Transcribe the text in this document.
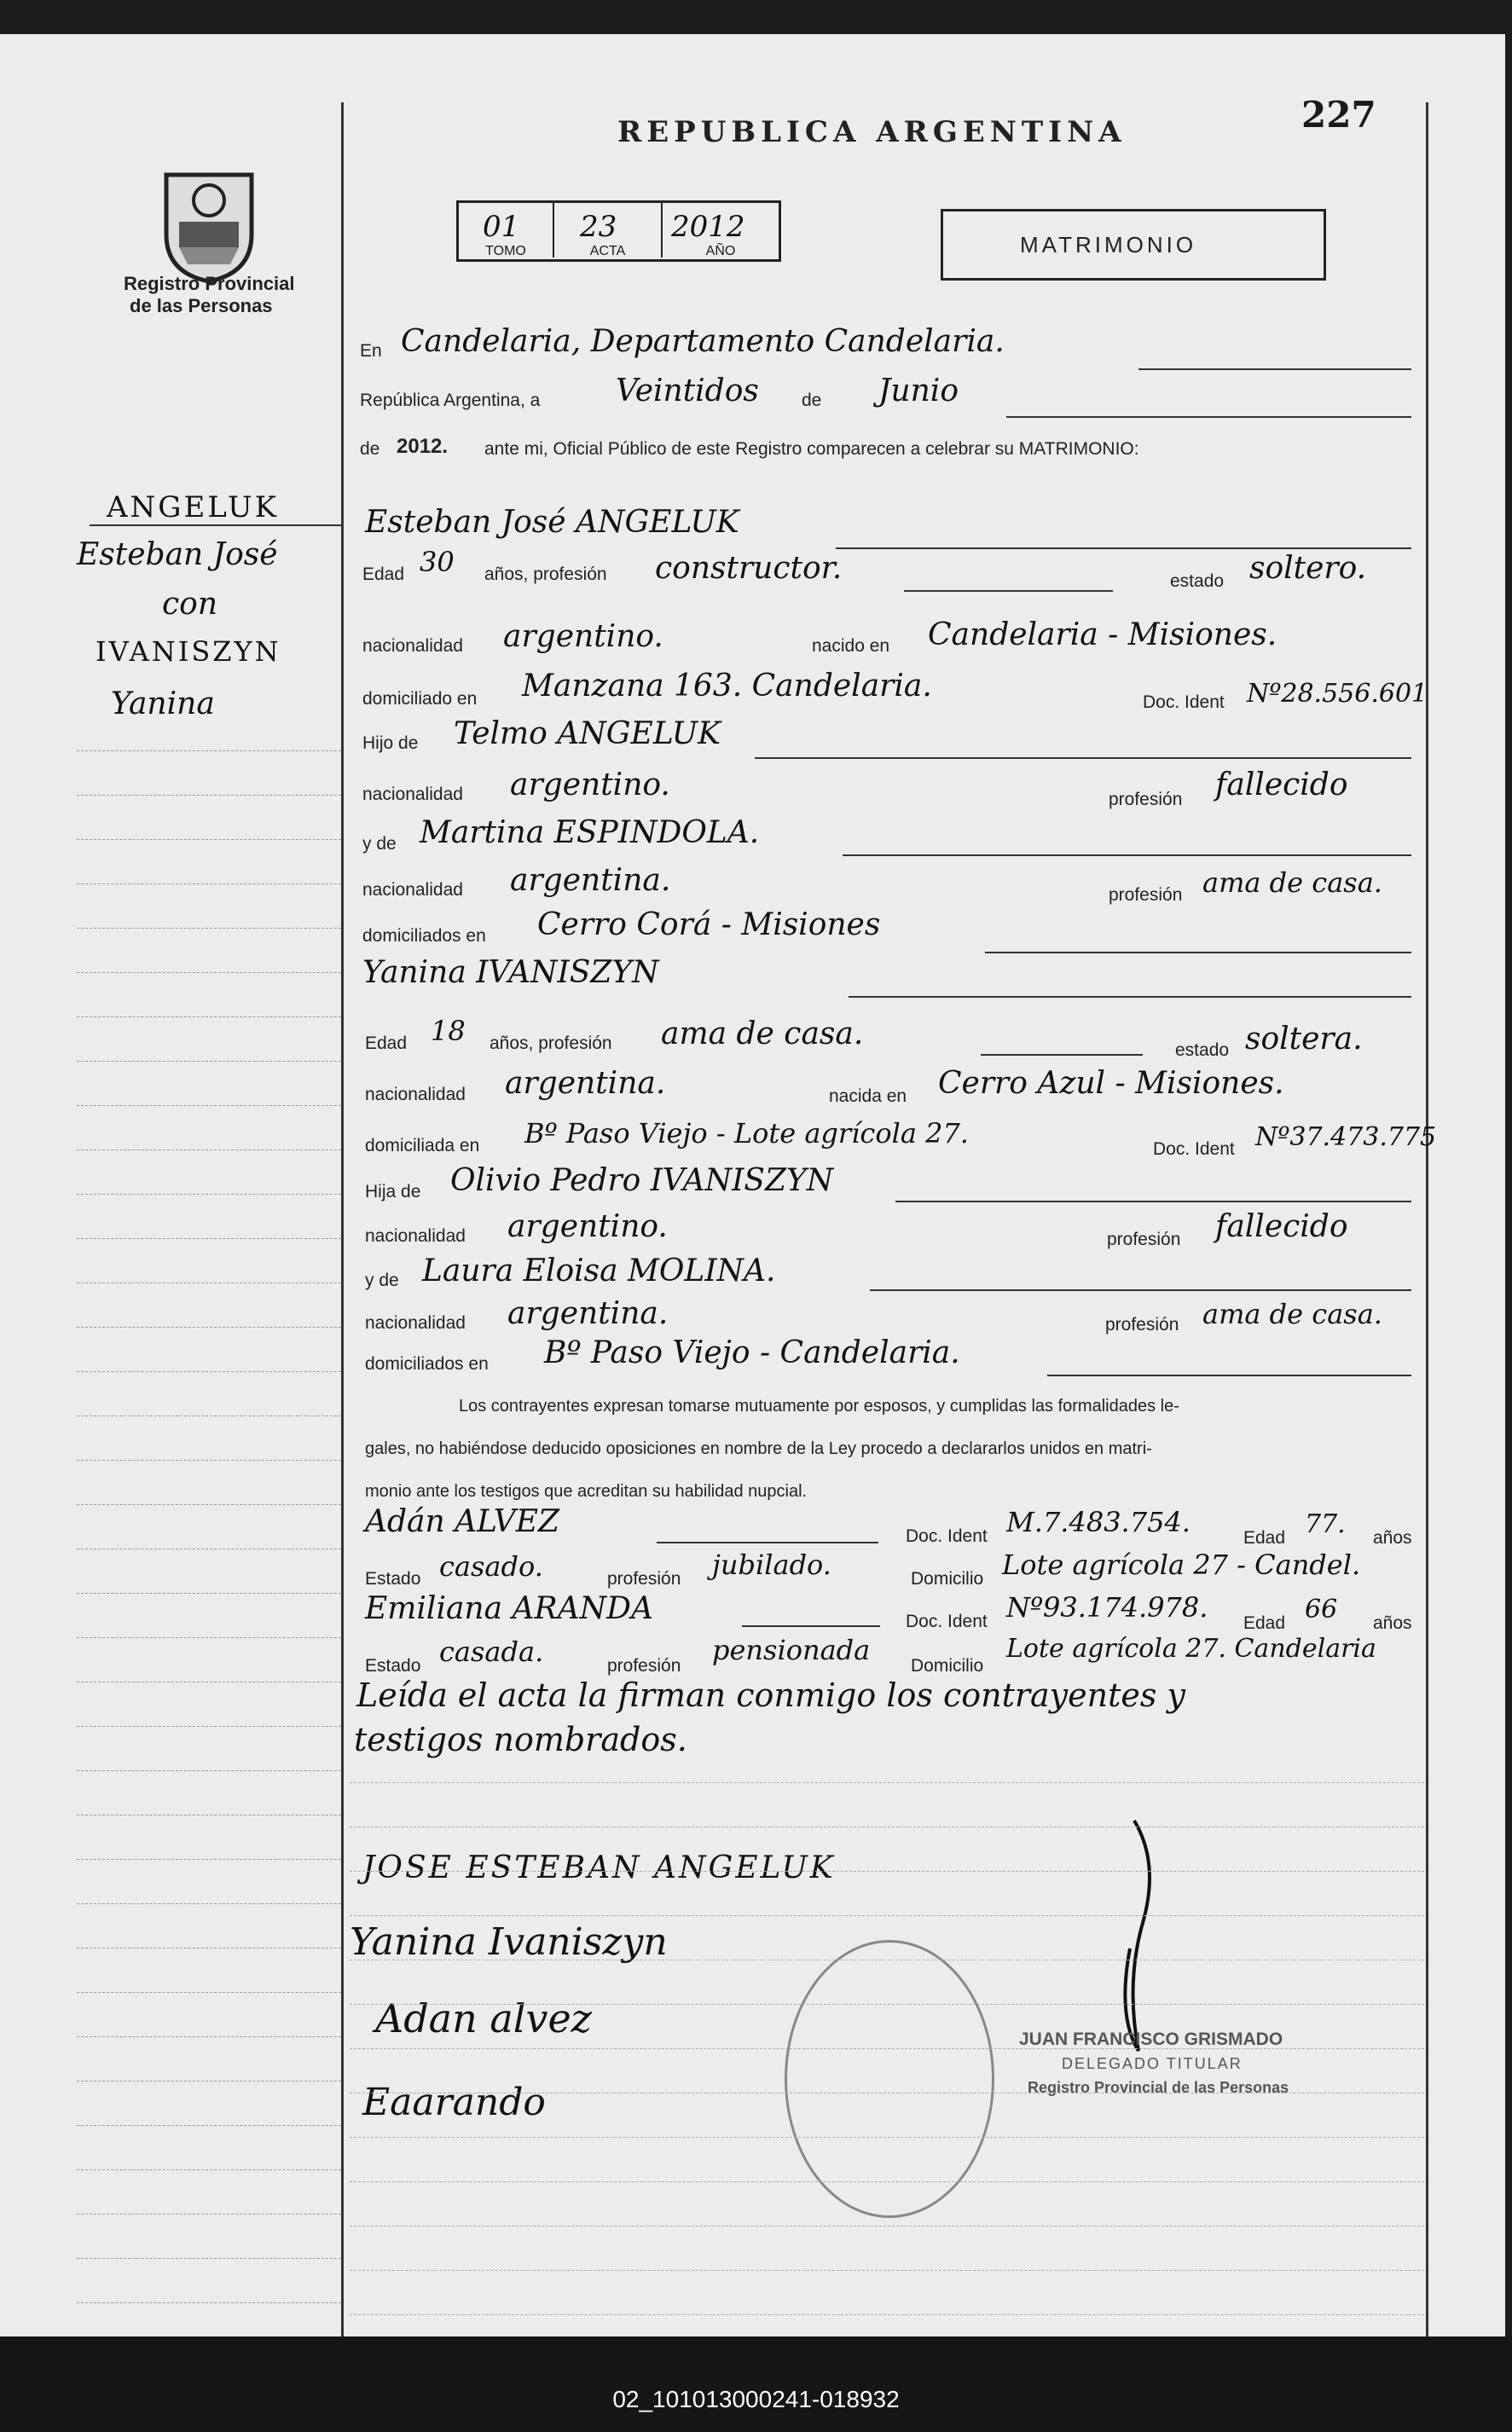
Registro Provincial
de las Personas
REPUBLICA ARGENTINA	227
01
TOMO
23
ACTA
2012
AÑO	MATRIMONIO
ANGELUK
Esteban José
con
IVANISZYN
Yanina
En Candelaria, Departamento Candelaria.
República Argentina, a Veintidos de Junio
de 2012. ante mi, Oficial Público de este Registro comparecen a celebrar su MATRIMONIO:
Esteban José ANGELUK
Edad 30 años, profesión constructor.	estado soltero.
nacionalidad argentino.	nacido en Candelaria - Misiones.
domiciliado en Manzana 163. Candelaria.	Doc. Ident Nº28.556.601
Hijo de Telmo ANGELUK
nacionalidad argentino.	profesión fallecido
y de Martina ESPINDOLA.
nacionalidad argentina.	profesión ama de casa.
domiciliados en Cerro Corá - Misiones
Yanina IVANISZYN
Edad 18 años, profesión ama de casa.	estado soltera.
nacionalidad argentina.	nacida en Cerro Azul - Misiones.
domiciliada en Bº Paso Viejo - Lote agrícola 27.	Doc. Ident Nº37.473.775
Hija de Olivio Pedro IVANISZYN
nacionalidad argentino.	profesión fallecido
y de Laura Eloisa MOLINA.
nacionalidad argentina.	profesión ama de casa.
domiciliados en Bº Paso Viejo - Candelaria.
Los contrayentes expresan tomarse mutuamente por esposos, y cumplidas las formalidades le-
gales, no habiéndose deducido oposiciones en nombre de la Ley procedo a declararlos unidos en matri-
monio ante los testigos que acreditan su habilidad nupcial.
Adán ALVEZ	Doc. Ident M.7.483.754.	Edad 77. años
Estado casado.	profesión jubilado.	Domicilio Lote agrícola 27 - Candel.
Emiliana ARANDA	Doc. Ident Nº93.174.978. Edad 66 años
Estado casada.	profesión pensionada Domicilio
Lote agrícola 27. Candelaria
Leída el acta la firman conmigo los contrayentes y
testigos nombrados.
JOSE ESTEBAN ANGELUK
Yanina Ivaniszyn
Adan alvez
Eaarando
JUAN FRANCISCO GRISMADO
DELEGADO TITULAR
Registro Provincial de las Personas
02_101013000241-018932
